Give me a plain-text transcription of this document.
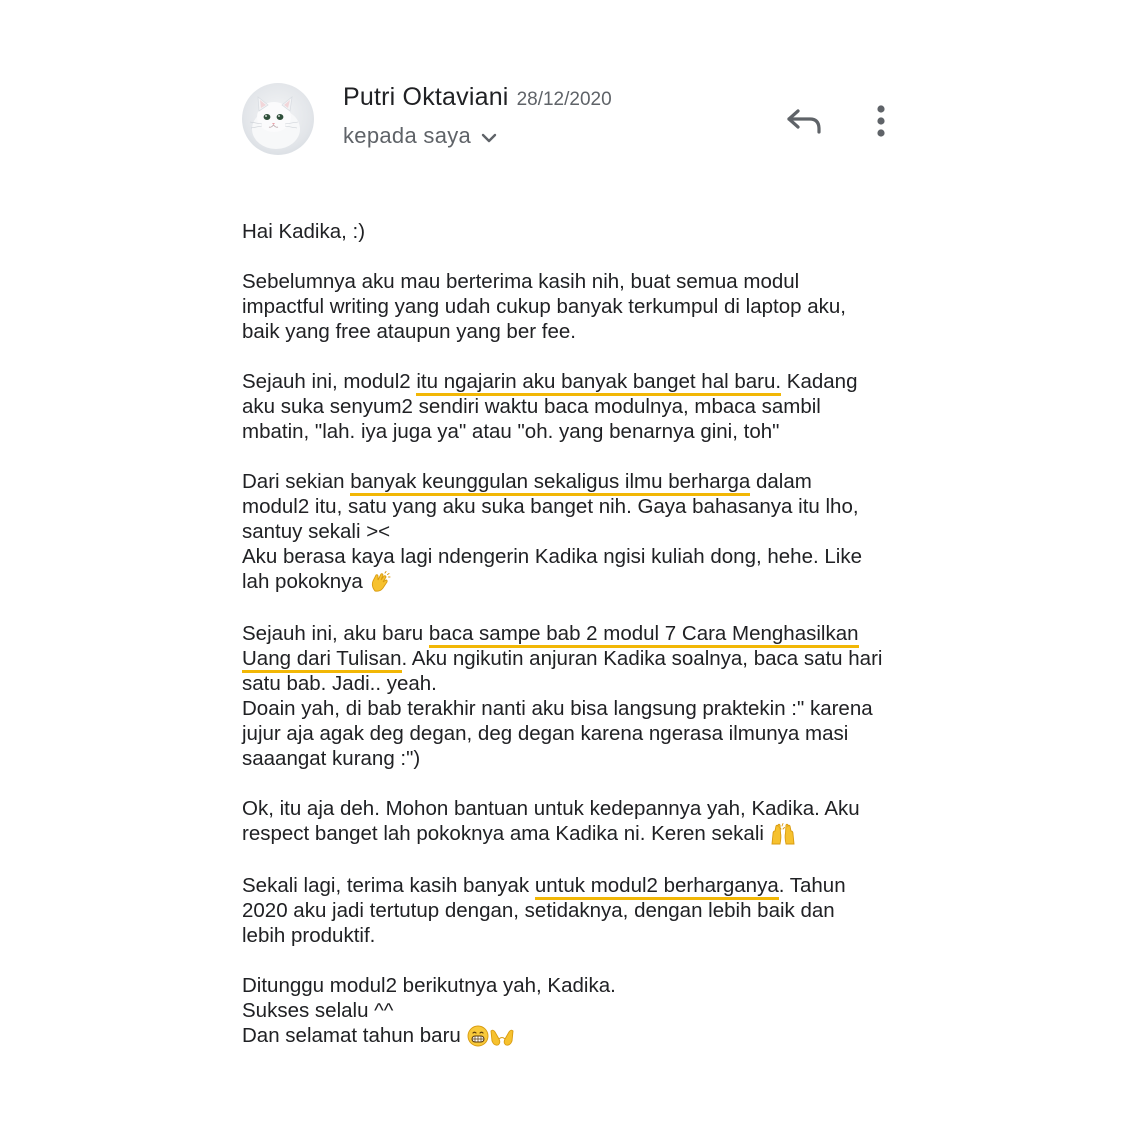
Putri Oktaviani 28/12/2020
kepada saya
Hai Kadika, :)
Sebelumnya aku mau berterima kasih nih, buat semua modul
impactful writing yang udah cukup banyak terkumpul di laptop aku,
baik yang free ataupun yang ber fee.
Sejauh ini, modul2 itu ngajarin aku banyak banget hal baru. Kadang
aku suka senyum2 sendiri waktu baca modulnya, mbaca sambil
mbatin, "lah. iya juga ya" atau "oh. yang benarnya gini, toh"
Dari sekian banyak keunggulan sekaligus ilmu berharga dalam
modul2 itu, satu yang aku suka banget nih. Gaya bahasanya itu lho,
santuy sekali ><
Aku berasa kaya lagi ndengerin Kadika ngisi kuliah dong, hehe. Like
lah pokoknya
Sejauh ini, aku baru baca sampe bab 2 modul 7 Cara Menghasilkan
Uang dari Tulisan. Aku ngikutin anjuran Kadika soalnya, baca satu hari
satu bab. Jadi.. yeah.
Doain yah, di bab terakhir nanti aku bisa langsung praktekin :" karena
jujur aja agak deg degan, deg degan karena ngerasa ilmunya masi
saaangat kurang :")
Ok, itu aja deh. Mohon bantuan untuk kedepannya yah, Kadika. Aku
respect banget lah pokoknya ama Kadika ni. Keren sekali
Sekali lagi, terima kasih banyak untuk modul2 berharganya. Tahun
2020 aku jadi tertutup dengan, setidaknya, dengan lebih baik dan
lebih produktif.
Ditunggu modul2 berikutnya yah, Kadika.
Sukses selalu ^^
Dan selamat tahun baru
